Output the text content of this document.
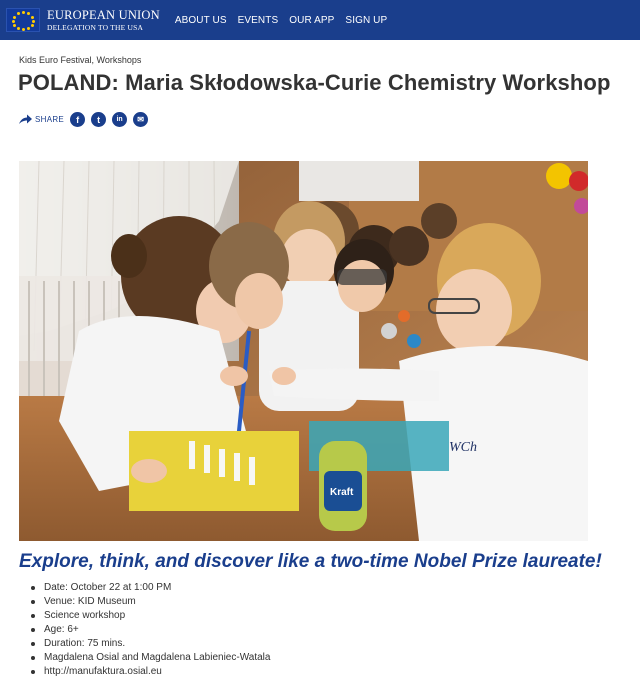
EUROPEAN UNION
DELEGATION TO THE USA
ABOUT US EVENTS OUR APP SIGN UP
Kids Euro Festival, Workshops
POLAND: Maria Skłodowska-Curie Chemistry Workshop
SHARE	f	t	in	✉
WCh
Kraft
Explore, think, and discover like a two-time Nobel Prize laureate!
Date: October 22 at 1:00 PM
Venue: KID Museum
Science workshop
Age: 6+
Duration: 75 mins.
Magdalena Osial and Magdalena Labieniec-Watala
http://manufaktura.osial.eu
